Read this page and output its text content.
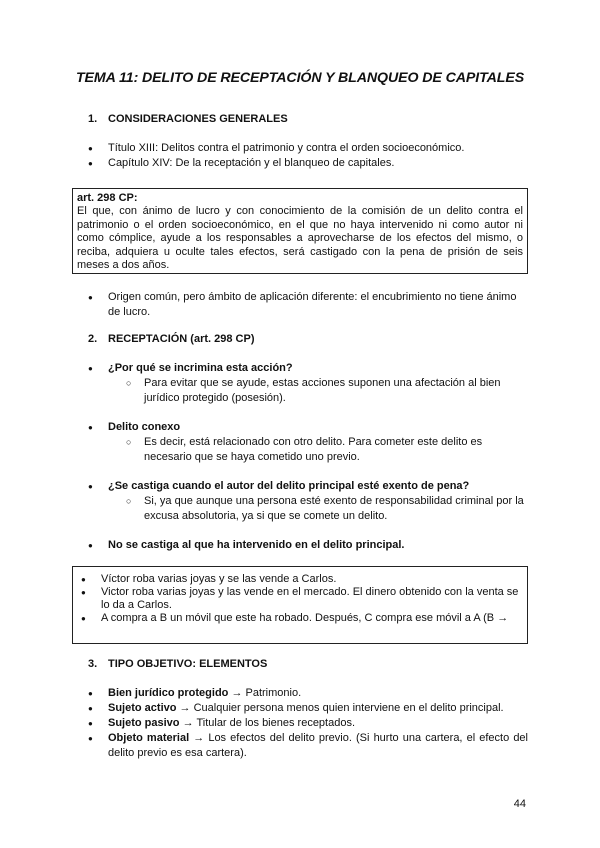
TEMA 11: DELITO DE RECEPTACIÓN Y BLANQUEO DE CAPITALES
1. CONSIDERACIONES GENERALES
● Título XIII: Delitos contra el patrimonio y contra el orden socioeconómico.
● Capítulo XIV: De la receptación y el blanqueo de capitales.
art. 298 CP:
El que, con ánimo de lucro y con conocimiento de la comisión de un delito contra el patrimonio o el orden socioeconómico, en el que no haya intervenido ni como autor ni como cómplice, ayude a los responsables a aprovecharse de los efectos del mismo, o reciba, adquiera u oculte tales efectos, será castigado con la pena de prisión de seis meses a dos años.
● Origen común, pero ámbito de aplicación diferente: el encubrimiento no tiene ánimo de lucro.
2. RECEPTACIÓN (art. 298 CP)
● ¿Por qué se incrimina esta acción?
○ Para evitar que se ayude, estas acciones suponen una afectación al bien jurídico protegido (posesión).
● Delito conexo
○ Es decir, está relacionado con otro delito. Para cometer este delito es necesario que se haya cometido uno previo.
● ¿Se castiga cuando el autor del delito principal esté exento de pena?
○ Si, ya que aunque una persona esté exento de responsabilidad criminal por la excusa absolutoria, ya si que se comete un delito.
● No se castiga al que ha intervenido en el delito principal.
● Víctor roba varias joyas y se las vende a Carlos.
● Victor roba varias joyas y las vende en el mercado. El dinero obtenido con la venta se lo da a Carlos.
● A compra a B un móvil que este ha robado. Después, C compra ese móvil a A (B →
3. TIPO OBJETIVO: ELEMENTOS
● Bien jurídico protegido → Patrimonio.
● Sujeto activo → Cualquier persona menos quien interviene en el delito principal.
● Sujeto pasivo → Titular de los bienes receptados.
● Objeto material → Los efectos del delito previo. (Si hurto una cartera, el efecto del delito previo es esa cartera).
44
